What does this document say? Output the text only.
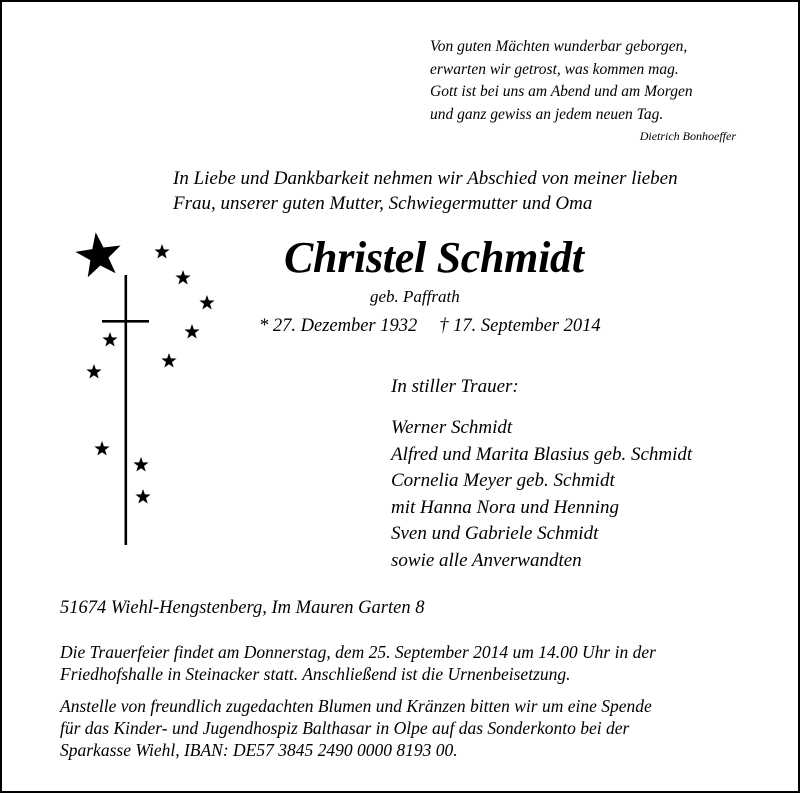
Von guten Mächten wunderbar geborgen,
erwarten wir getrost, was kommen mag.
Gott ist bei uns am Abend und am Morgen
und ganz gewiss an jedem neuen Tag.
Dietrich Bonhoeffer
In Liebe und Dankbarkeit nehmen wir Abschied von meiner lieben
Frau, unserer guten Mutter, Schwiegermutter und Oma
Christel Schmidt
geb. Paffrath
* 27. Dezember 1932 † 17. September 2014
In stiller Trauer:
Werner Schmidt
Alfred und Marita Blasius geb. Schmidt
Cornelia Meyer geb. Schmidt
mit Hanna Nora und Henning
Sven und Gabriele Schmidt
sowie alle Anverwandten
51674 Wiehl-Hengstenberg, Im Mauren Garten 8
Die Trauerfeier findet am Donnerstag, dem 25. September 2014 um 14.00 Uhr in der
Friedhofshalle in Steinacker statt. Anschließend ist die Urnenbeisetzung.
Anstelle von freundlich zugedachten Blumen und Kränzen bitten wir um eine Spende
für das Kinder- und Jugendhospiz Balthasar in Olpe auf das Sonderkonto bei der
Sparkasse Wiehl, IBAN: DE57 3845 2490 0000 8193 00.
